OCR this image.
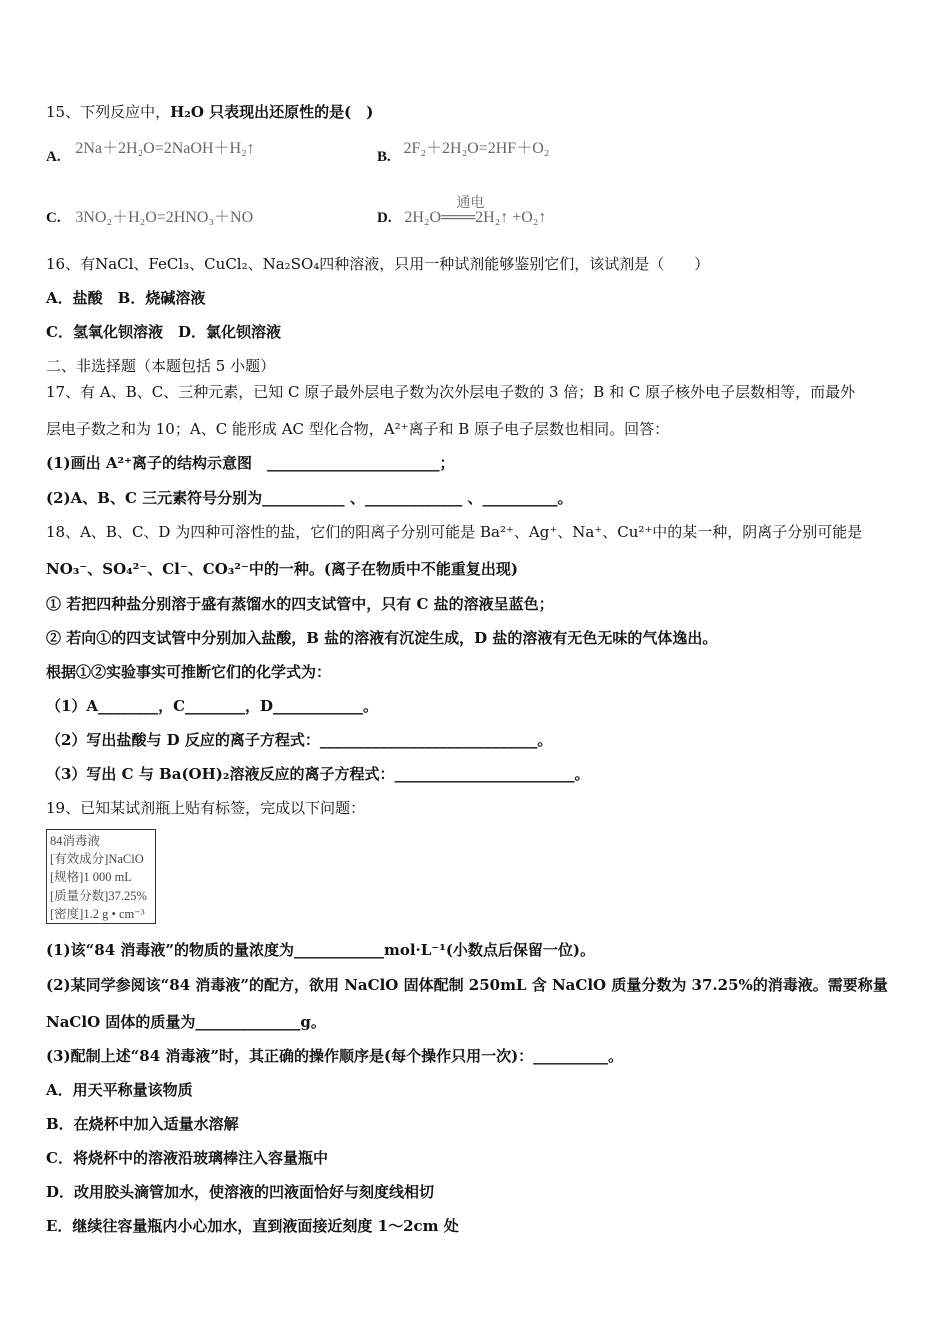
15、下列反应中，H₂O 只表现出还原性的是(　)
A. 2Na＋2H₂O=2NaOH＋H₂↑	B. 2F₂＋2H₂O=2HF＋O₂
C. 3NO₂＋H₂O=2HNO₃＋NO	D.
通电
2H₂O═══2H₂↑ +O₂↑
16、有NaCl、FeCl₃、CuCl₂、Na₂SO₄四种溶液，只用一种试剂能够鉴别它们，该试剂是（　　）
A．盐酸　B．烧碱溶液
C．氢氧化钡溶液　D．氯化钡溶液
二、非选择题（本题包括 5 小题）
17、有 A、B、C、三种元素，已知 C 原子最外层电子数为次外层电子数的 3 倍；B 和 C 原子核外电子层数相等，而最外
层电子数之和为 10；A、C 能形成 AC 型化合物，A²⁺离子和 B 原子电子层数也相同。回答：
(1)画出 A²⁺离子的结构示意图　_______________________；
(2)A、B、C 三元素符号分别为___________ 、_____________ 、__________。
18、A、B、C、D 为四种可溶性的盐，它们的阳离子分别可能是 Ba²⁺、Ag⁺、Na⁺、Cu²⁺中的某一种，阴离子分别可能是
NO₃⁻、SO₄²⁻、Cl⁻、CO₃²⁻中的一种。(离子在物质中不能重复出现)
① 若把四种盐分别溶于盛有蒸馏水的四支试管中，只有 C 盐的溶液呈蓝色；
② 若向①的四支试管中分别加入盐酸，B 盐的溶液有沉淀生成，D 盐的溶液有无色无味的气体逸出。
根据①②实验事实可推断它们的化学式为：
（1）A________，C________，D____________。
（2）写出盐酸与 D 反应的离子方程式：_____________________________。
（3）写出 C 与 Ba(OH)₂溶液反应的离子方程式：________________________。
19、已知某试剂瓶上贴有标签，完成以下问题：
84消毒液
[有效成分]NaClO
[规格]1 000 mL
[质量分数]37.25%
[密度]1.2 g • cm⁻³
(1)该“84 消毒液”的物质的量浓度为____________mol·L⁻¹(小数点后保留一位)。
(2)某同学参阅该“84 消毒液”的配方，欲用 NaClO 固体配制 250mL 含 NaClO 质量分数为 37.25%的消毒液。需要称量
NaClO 固体的质量为______________g。
(3)配制上述“84 消毒液”时，其正确的操作顺序是(每个操作只用一次)：__________。
A．用天平称量该物质
B．在烧杯中加入适量水溶解
C．将烧杯中的溶液沿玻璃棒注入容量瓶中
D．改用胶头滴管加水，使溶液的凹液面恰好与刻度线相切
E．继续往容量瓶内小心加水，直到液面接近刻度 1～2cm 处
